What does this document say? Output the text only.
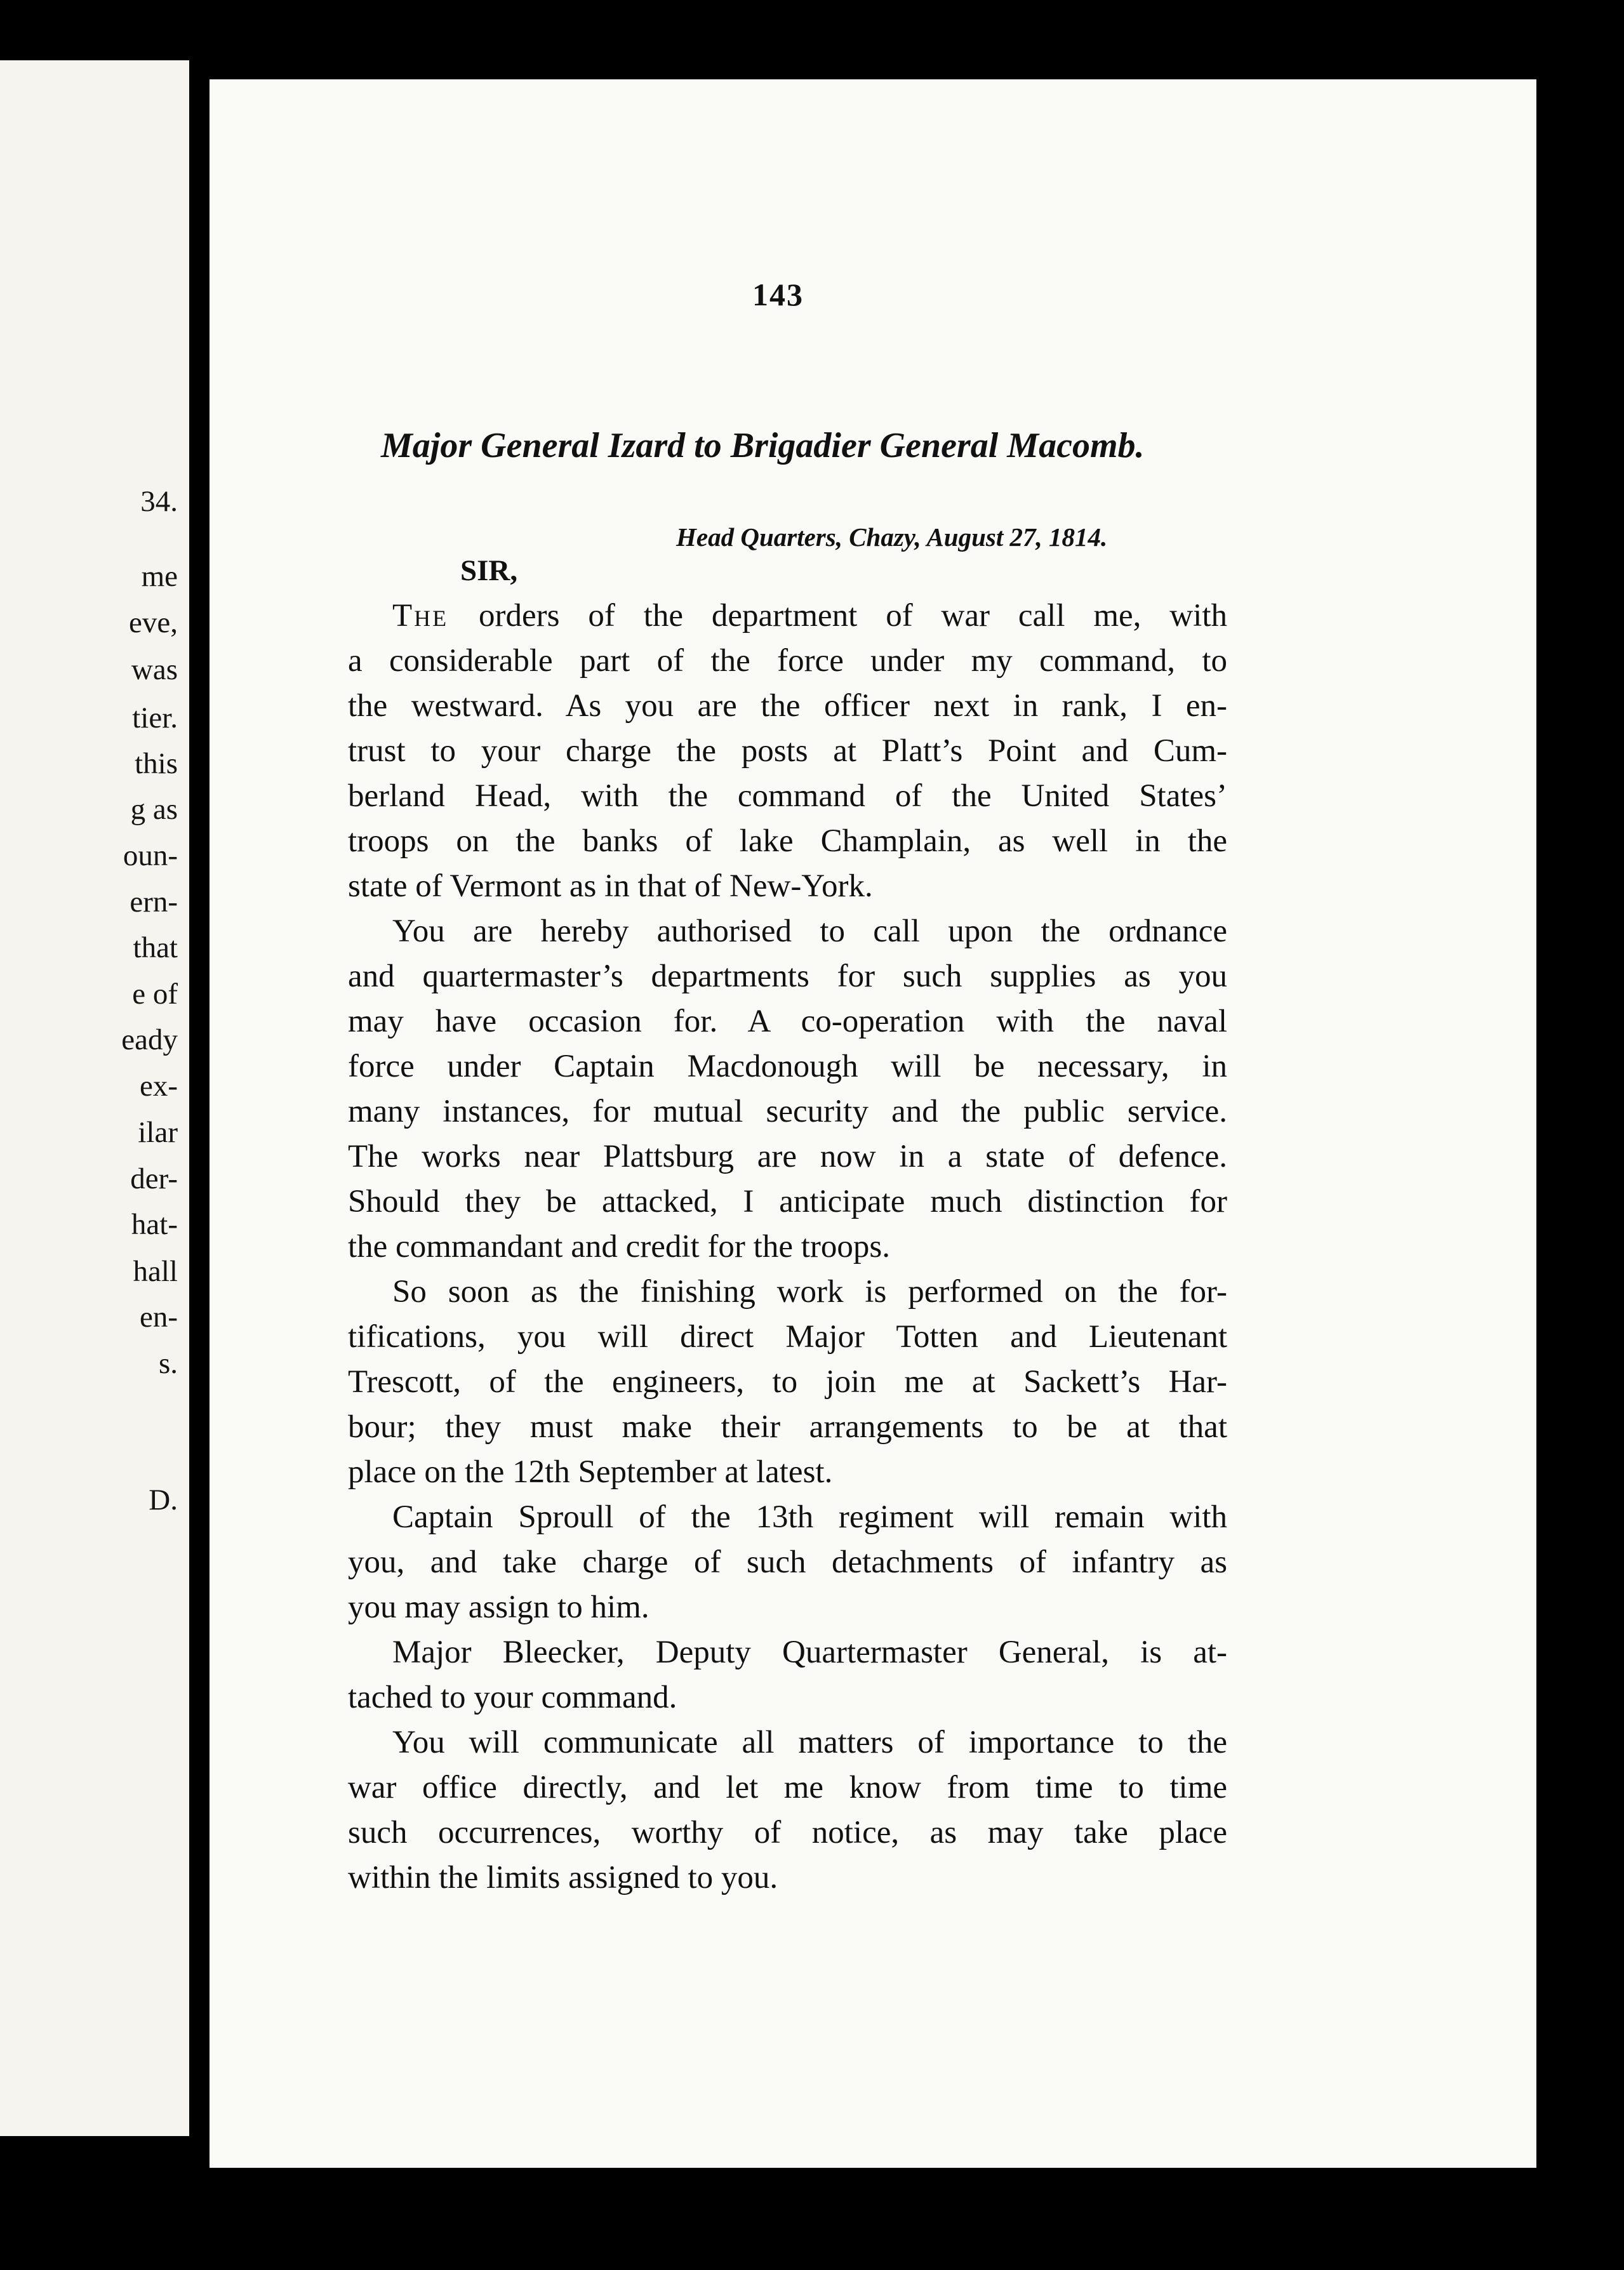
34.
me
eve,
was
tier.
this
g as
oun-
ern-
that
e of
eady
ex-
ilar
der-
hat-
hall
en-
s.
D.
143
Major General Izard to Brigadier General Macomb.
Head Quarters, Chazy, August 27, 1814.
SIR,
The orders of the department of war call me, with
a considerable part of the force under my command, to
the westward. As you are the officer next in rank, I en-
trust to your charge the posts at Platt’s Point and Cum-
berland Head, with the command of the United States’
troops on the banks of lake Champlain, as well in the
state of Vermont as in that of New-York.
You are hereby authorised to call upon the ordnance
and quartermaster’s departments for such supplies as you
may have occasion for. A co-operation with the naval
force under Captain Macdonough will be necessary, in
many instances, for mutual security and the public service.
The works near Plattsburg are now in a state of defence.
Should they be attacked, I anticipate much distinction for
the commandant and credit for the troops.
So soon as the finishing work is performed on the for-
tifications, you will direct Major Totten and Lieutenant
Trescott, of the engineers, to join me at Sackett’s Har-
bour; they must make their arrangements to be at that
place on the 12th September at latest.
Captain Sproull of the 13th regiment will remain with
you, and take charge of such detachments of infantry as
you may assign to him.
Major Bleecker, Deputy Quartermaster General, is at-
tached to your command.
You will communicate all matters of importance to the
war office directly, and let me know from time to time
such occurrences, worthy of notice, as may take place
within the limits assigned to you.
